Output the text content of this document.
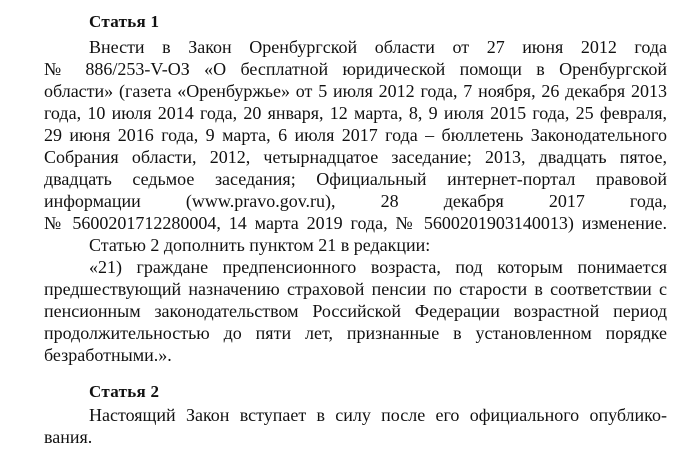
Статья 1
Внести в Закон Оренбургской области от 27 июня 2012 года
№ 886/253-V-ОЗ «О бесплатной юридической помощи в Оренбургской
области» (газета «Оренбуржье» от 5 июля 2012 года, 7 ноября, 26 декабря 2013
года, 10 июля 2014 года, 20 января, 12 марта, 8, 9 июля 2015 года, 25 февраля,
29 июня 2016 года, 9 марта, 6 июля 2017 года – бюллетень Законодательного
Собрания области, 2012, четырнадцатое заседание; 2013, двадцать пятое,
двадцать седьмое заседания; Официальный интернет-портал правовой
информации (www.pravo.gov.ru), 28 декабря 2017 года,
№ 5600201712280004, 14 марта 2019 года, № 5600201903140013) изменение.
Статью 2 дополнить пунктом 21 в редакции:
«21) граждане предпенсионного возраста, под которым понимается
предшествующий назначению страховой пенсии по старости в соответствии с
пенсионным законодательством Российской Федерации возрастной период
продолжительностью до пяти лет, признанные в установленном порядке
безработными.».
Статья 2
Настоящий Закон вступает в силу после его официального опублико-
вания.
